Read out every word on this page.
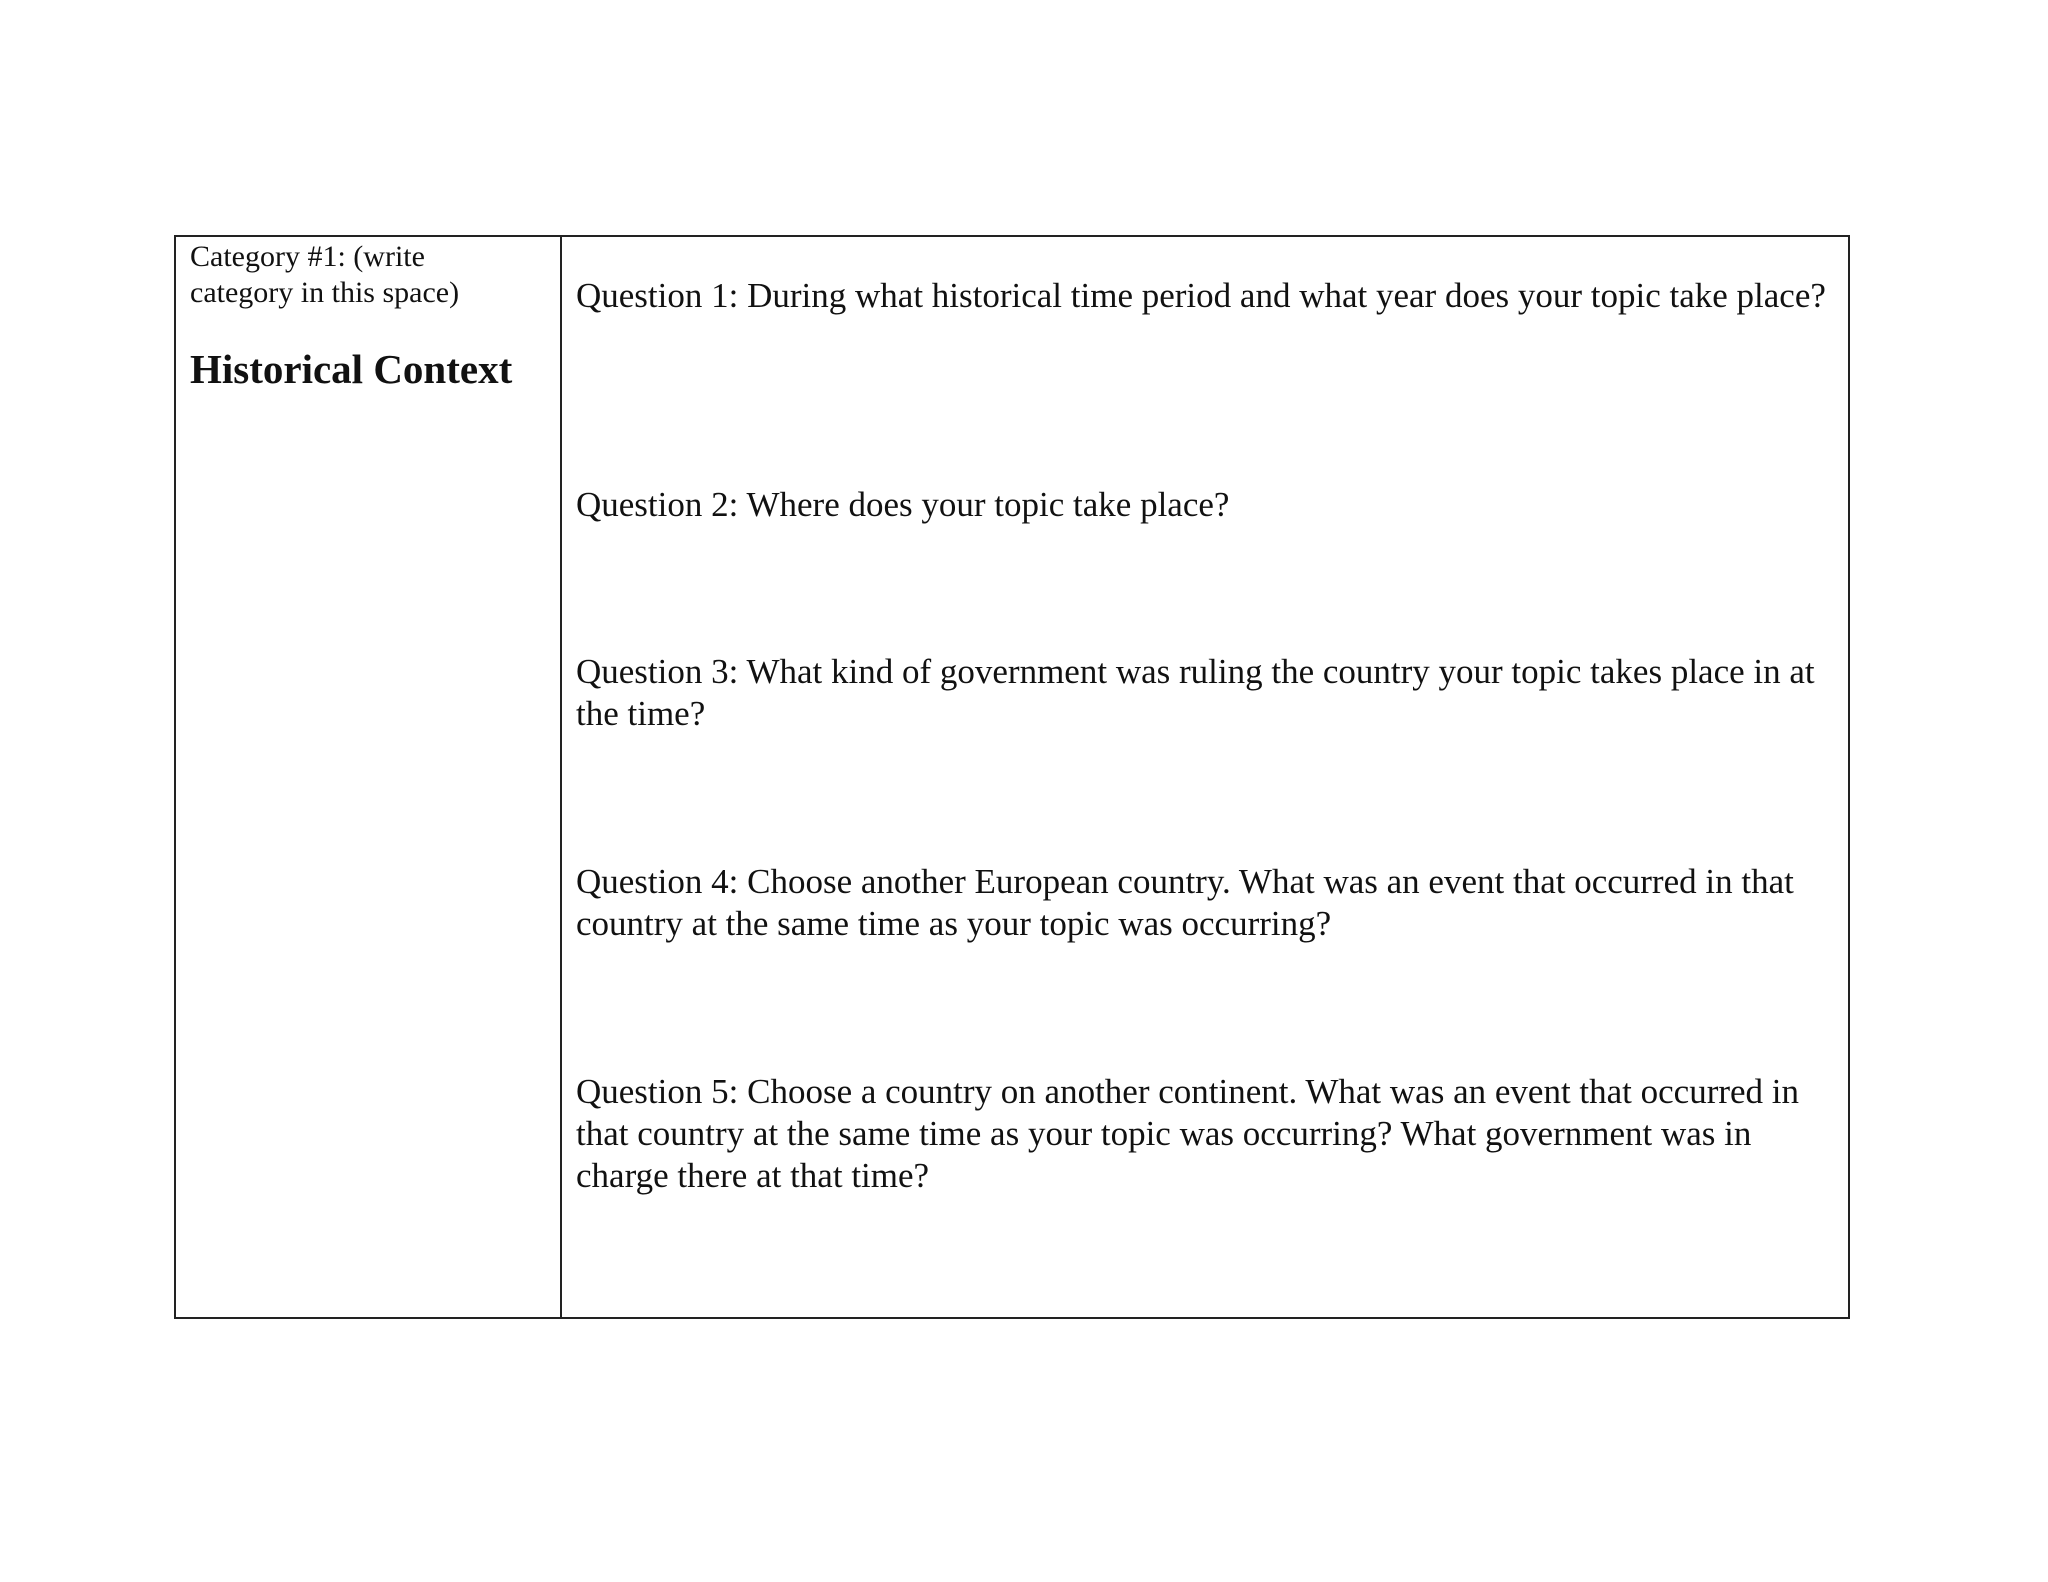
Category #1: (write category in this space)
Historical Context
Question 1: During what historical time period and what year does your topic take place?
Question 2: Where does your topic take place?
Question 3: What kind of government was ruling the country your topic takes place in at the time?
Question 4: Choose another European country. What was an event that occurred in that country at the same time as your topic was occurring?
Question 5: Choose a country on another continent. What was an event that occurred in that country at the same time as your topic was occurring? What government was in charge there at that time?
